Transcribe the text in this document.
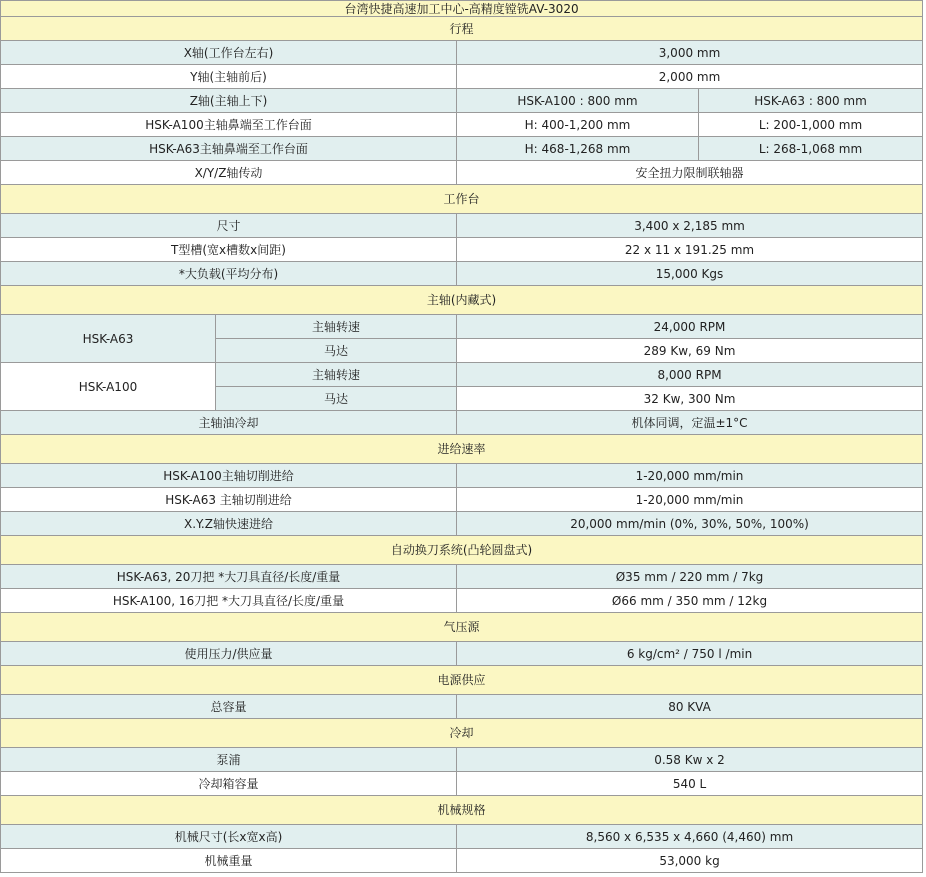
台湾快捷高速加工中心-高精度镗铣AV-3020			
行程			
X轴(工作台左右)		3,000 mm	
Y轴(主轴前后)		2,000 mm	
Z轴(主轴上下)		HSK-A100 : 800 mm	HSK-A63 : 800 mm
HSK-A100主轴鼻端至工作台面		H: 400-1,200 mm	L: 200-1,000 mm
HSK-A63主轴鼻端至工作台面		H: 468-1,268 mm	L: 268-1,068 mm
X/Y/Z轴传动		安全扭力限制联轴器	
工作台			
尺寸		3,400 x 2,185 mm	
T型槽(宽x槽数x间距)		22 x 11 x 191.25 mm	
*大负载(平均分布)		15,000 Kgs	
主轴(内藏式)			
HSK-A63	主轴转速	24,000 RPM	
	马达	289 Kw, 69 Nm	
HSK-A100	主轴转速	8,000 RPM	
	马达	32 Kw, 300 Nm	
主轴油冷却		机体同调，定温±1°C	
进给速率			
HSK-A100主轴切削进给		1-20,000 mm/min	
HSK-A63 主轴切削进给		1-20,000 mm/min	
X.Y.Z轴快速进给		20,000 mm/min (0%, 30%, 50%, 100%)	
自动换刀系统(凸轮圆盘式)			
HSK-A63, 20刀把 *大刀具直径/长度/重量		Ø35 mm / 220 mm / 7kg	
HSK-A100, 16刀把 *大刀具直径/长度/重量		Ø66 mm / 350 mm / 12kg	
气压源			
使用压力/供应量		6 kg/cm² / 750 l /min	
电源供应			
总容量		80 KVA	
冷却			
泵浦		0.58 Kw x 2	
冷却箱容量		540 L	
机械规格			
机械尺寸(长x宽x高)		8,560 x 6,535 x 4,660 (4,460) mm	
机械重量		53,000 kg	
